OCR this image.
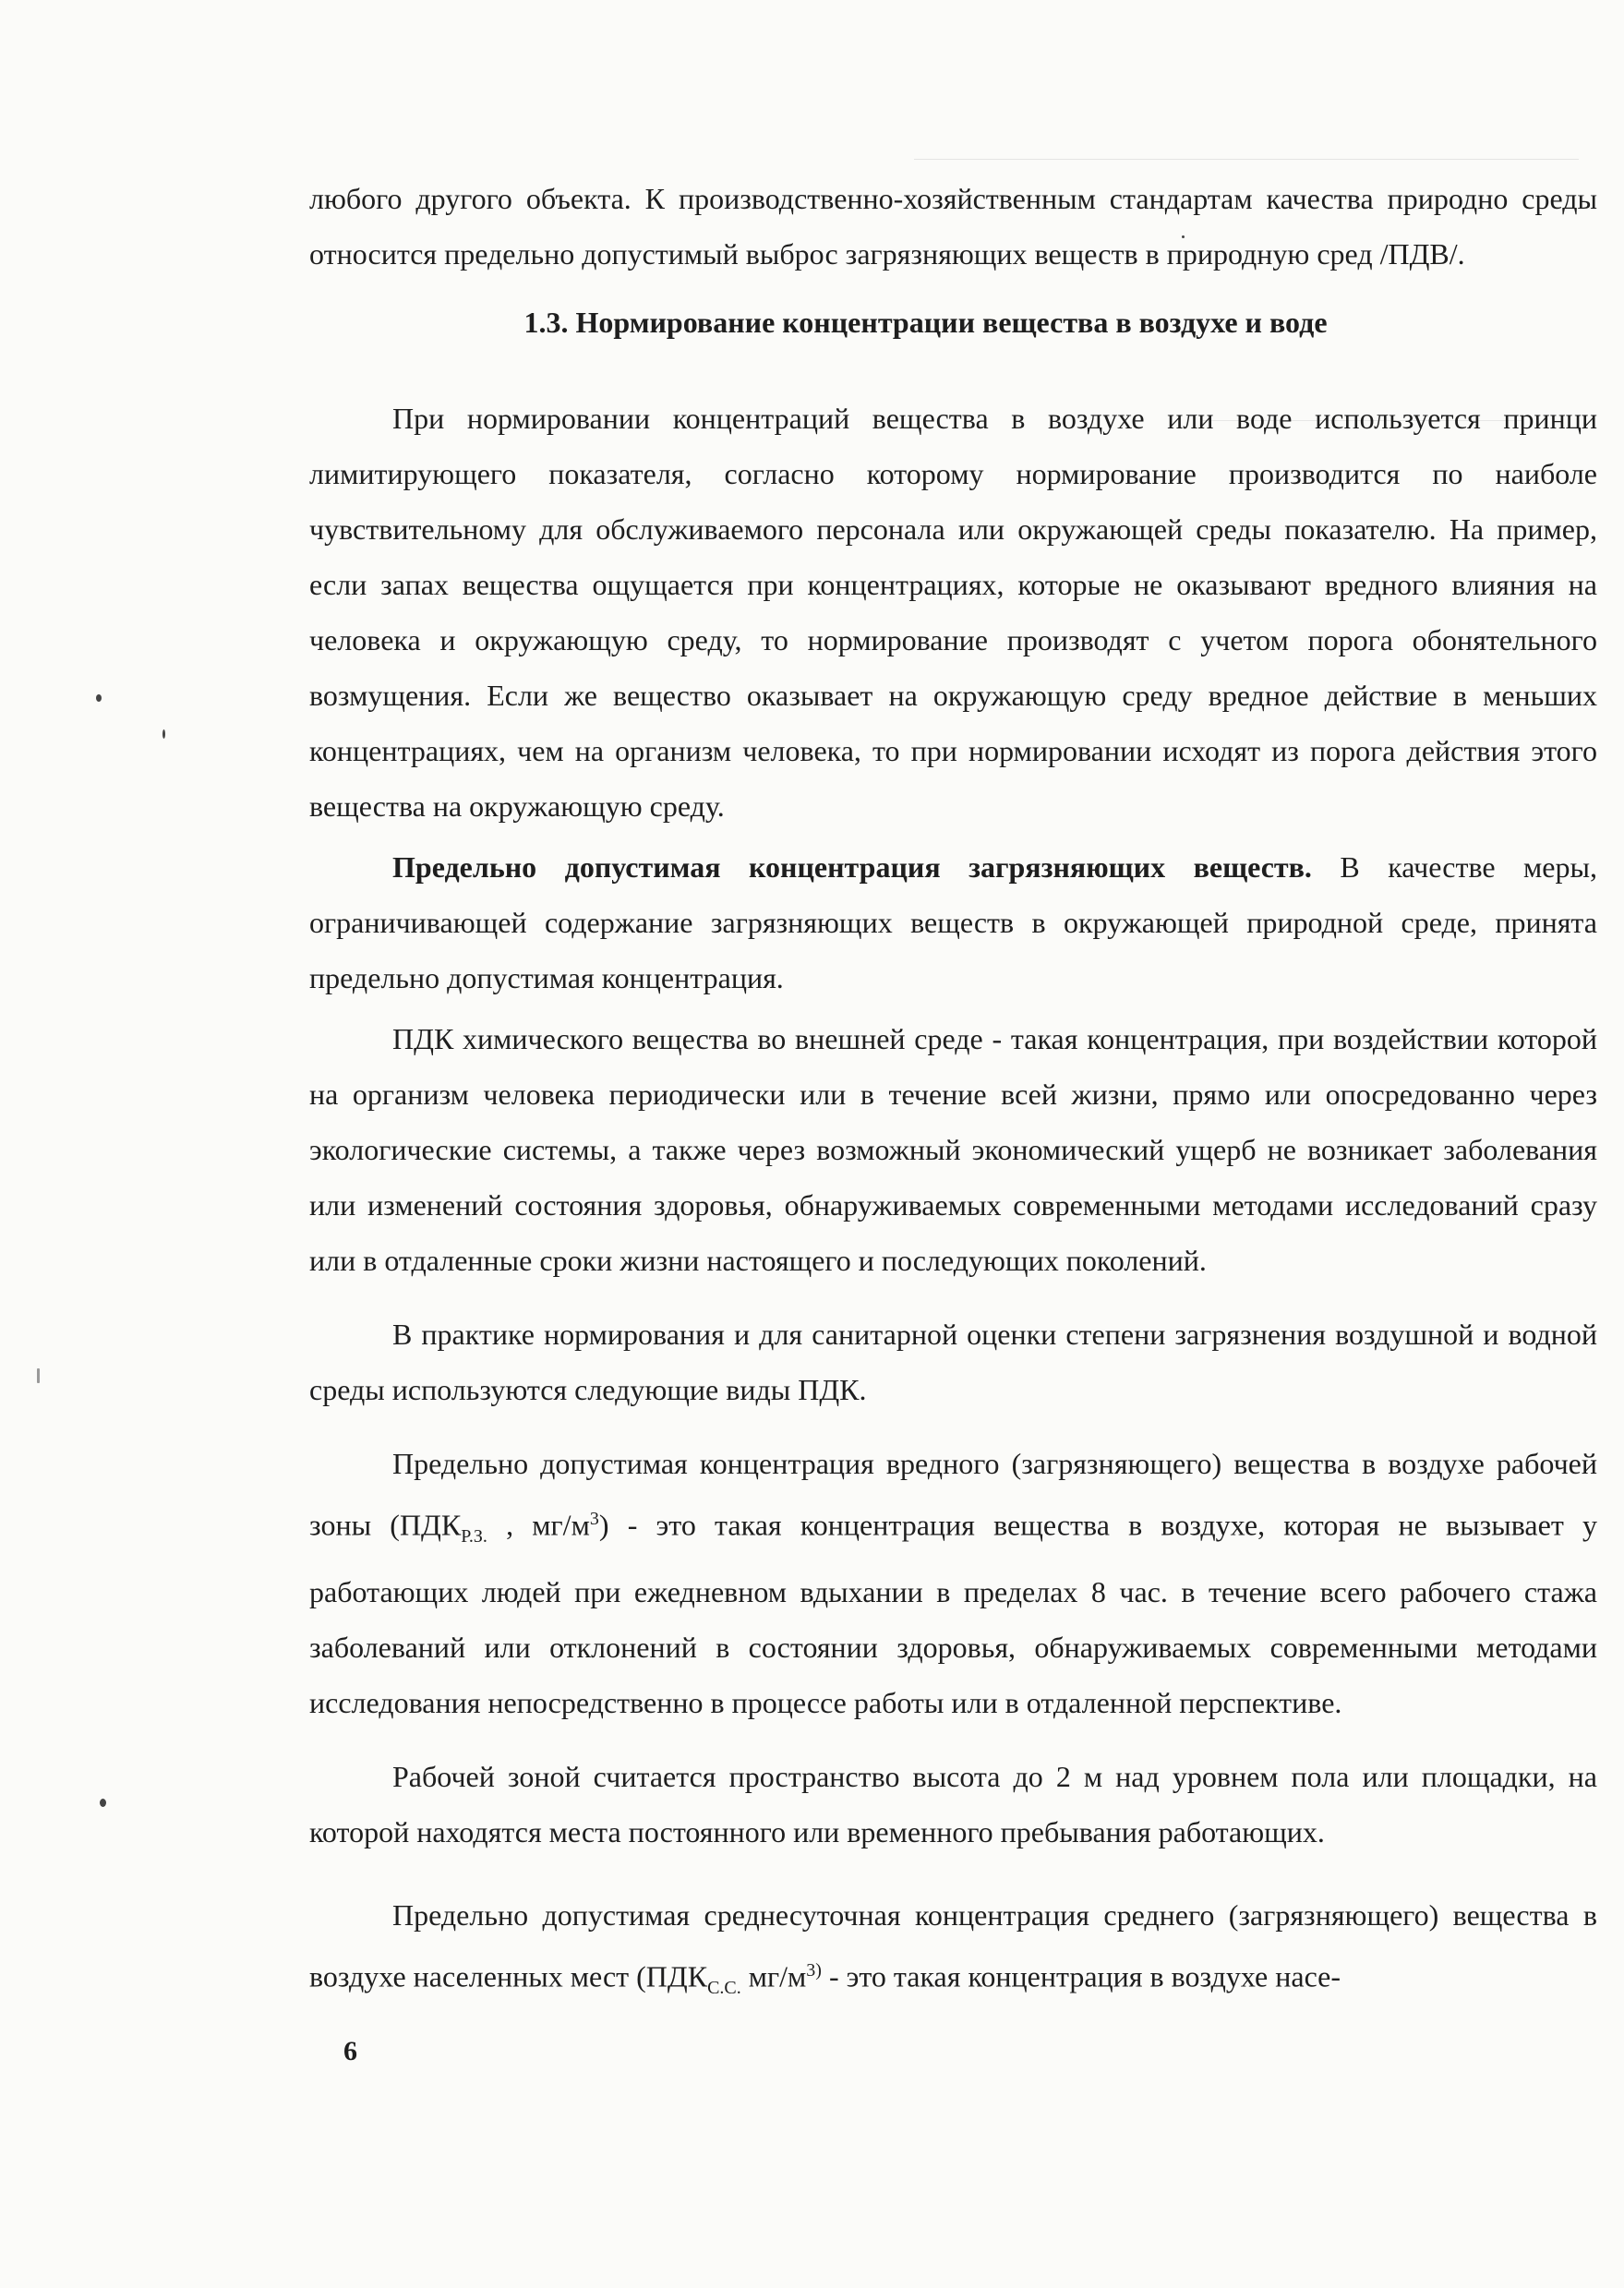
любого другого объекта. К производственно-хозяйственным стандартам качества природно среды относится предельно допустимый выброс загрязняющих веществ в природную сред /ПДВ/.

1.3. Нормирование концентрации вещества в воздухе и воде

При нормировании концентраций вещества в воздухе или воде используется принци лимитирующего показателя, согласно которому нормирование производится по наиболе чувствительному для обслуживаемого персонала или окружающей среды показателю. На пример, если запах вещества ощущается при концентрациях, которые не оказывают вредного влияния на человека и окружающую среду, то нормирование производят с учетом порога обонятельного возмущения. Если же вещество оказывает на окружающую среду вредное действие в меньших концентрациях, чем на организм человека, то при нормировании исходят из порога действия этого вещества на окружающую среду.

Предельно допустимая концентрация загрязняющих веществ. В качестве меры, ограничивающей содержание загрязняющих веществ в окружающей природной среде, принята предельно допустимая концентрация.

ПДК химического вещества во внешней среде - такая концентрация, при воздействии которой на организм человека периодически или в течение всей жизни, прямо или опосредованно через экологические системы, а также через возможный экономический ущерб не возникает заболевания или изменений состояния здоровья, обнаруживаемых современными методами исследований сразу или в отдаленные сроки жизни настоящего и последующих поколений.

В практике нормирования и для санитарной оценки степени загрязнения воздушной и водной среды используются следующие виды ПДК.

Предельно допустимая концентрация вредного (загрязняющего) вещества в воздухе рабочей зоны ($ПДК_{Р.З.}$ , $мг/м^3$) - это такая концентрация вещества в воздухе, которая не вызывает у работающих людей при ежедневном вдыхании в пределах 8 час. в течение всего рабочего стажа заболеваний или отклонений в состоянии здоровья, обнаруживаемых современными методами исследования непосредственно в процессе работы или в отдаленной перспективе.

Рабочей зоной считается пространство высота до 2 м над уровнем пола или площадки, на которой находятся места постоянного или временного пребывания работающих.

Предельно допустимая среднесуточная концентрация среднего (загрязняющего) вещества в воздухе населенных мест ($ПДК_{С.С.}$ $мг/м^{3)}$ - это такая концентрация в воздухе насе-

6
